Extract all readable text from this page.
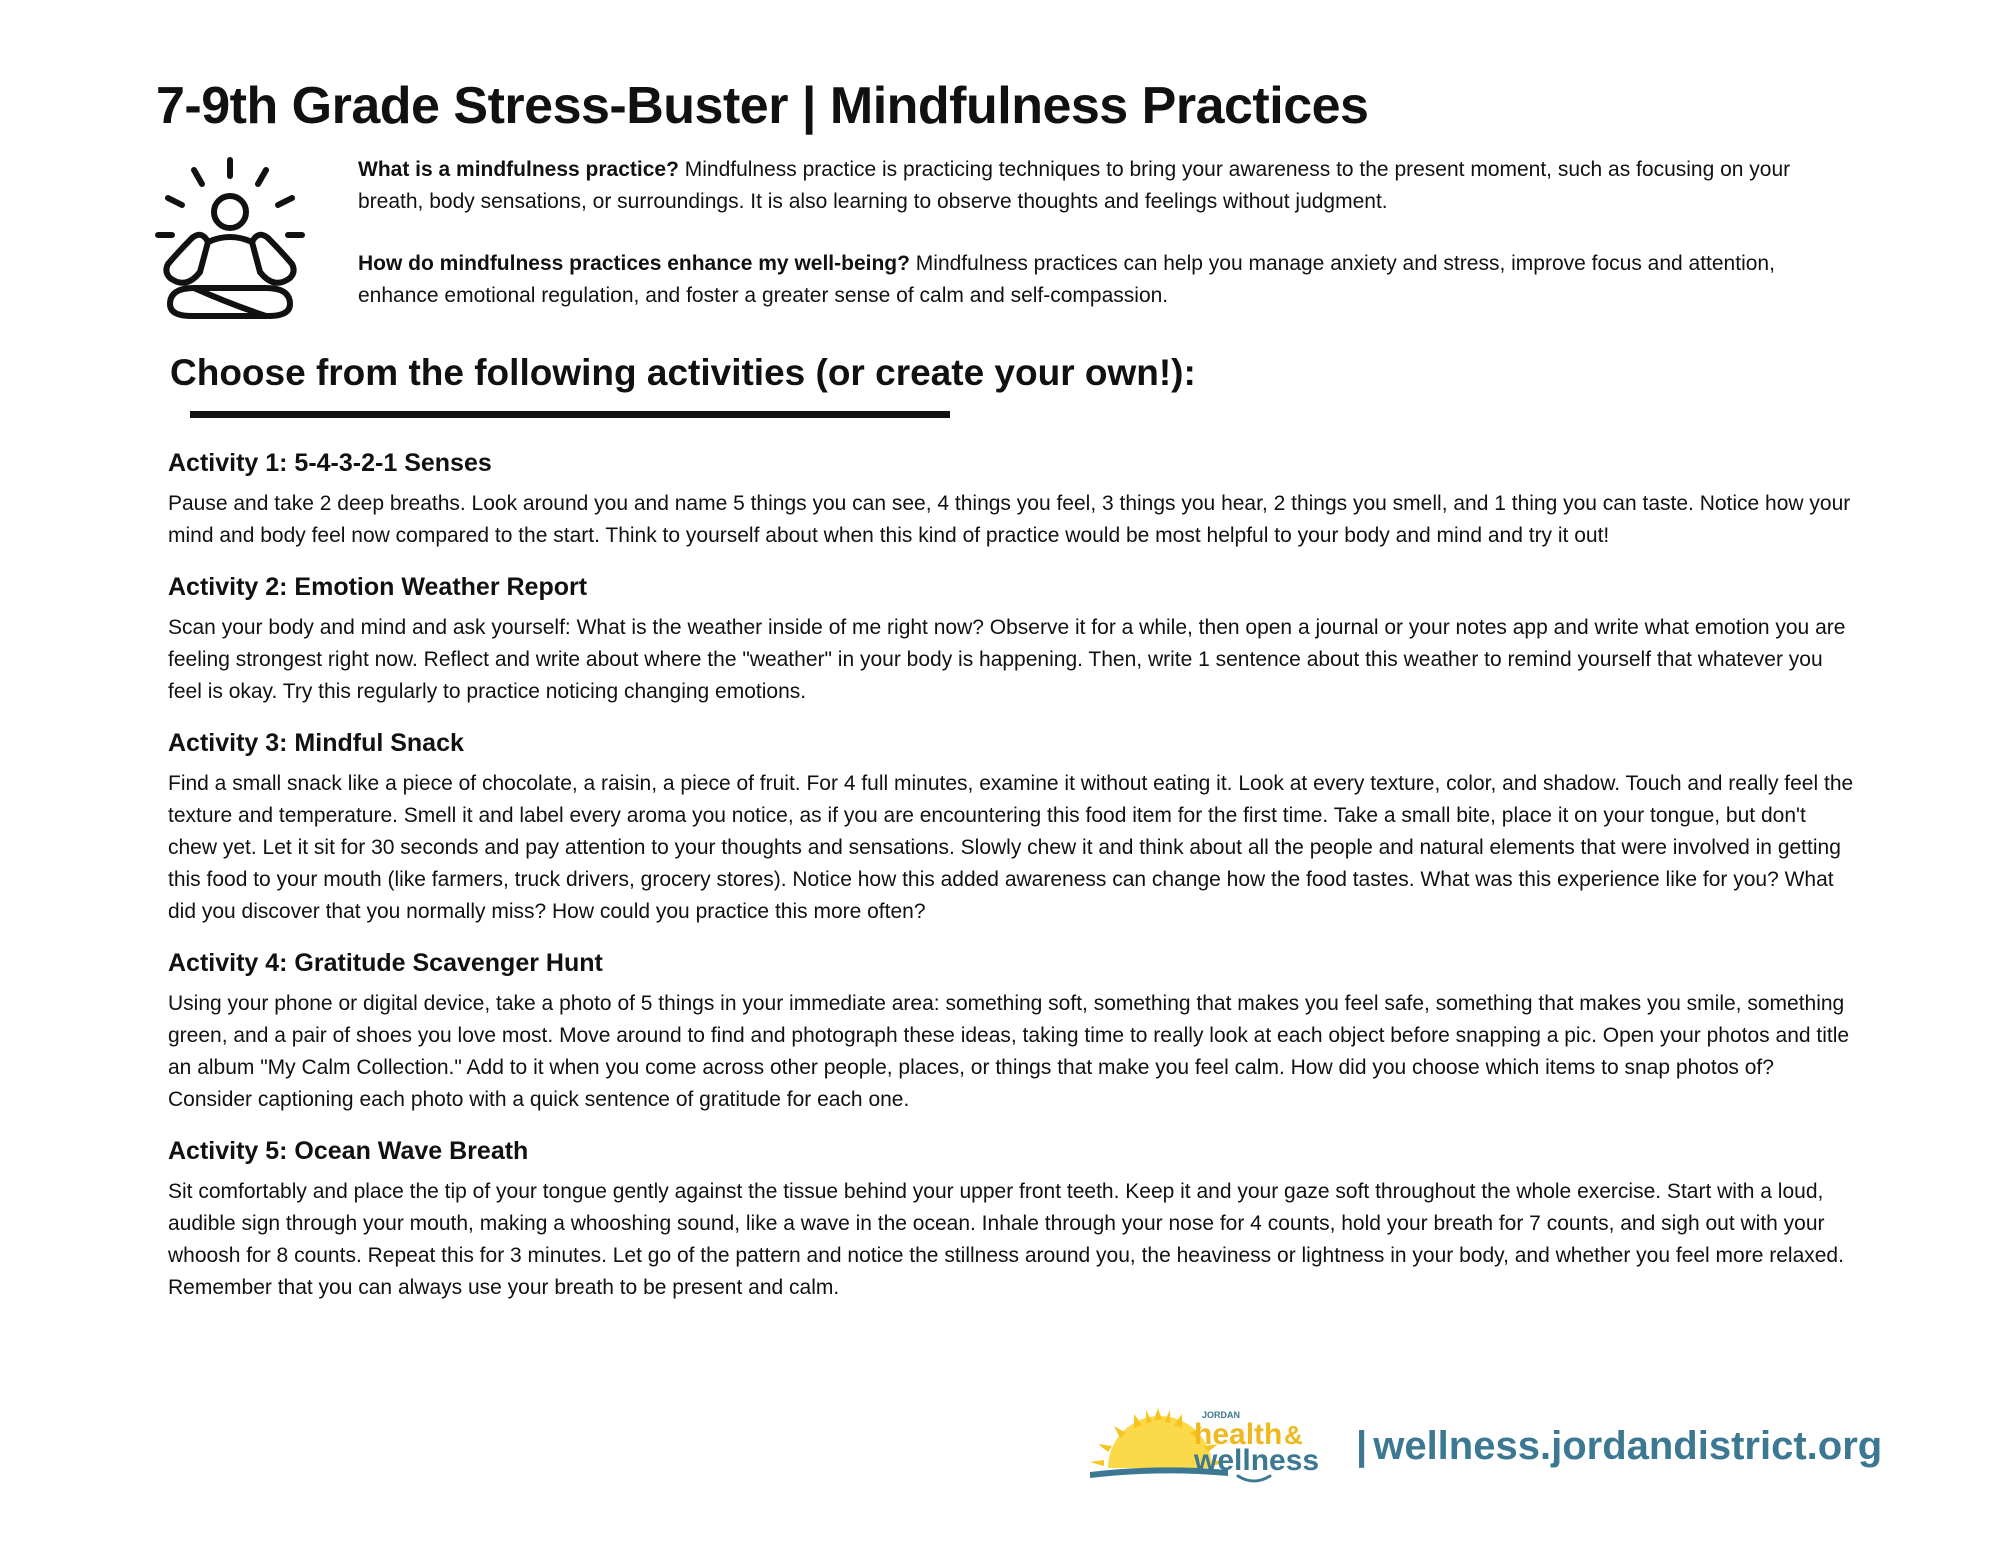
7-9th Grade Stress-Buster | Mindfulness Practices

What is a mindfulness practice? Mindfulness practice is practicing techniques to bring your awareness to the present moment, such as focusing on your breath, body sensations, or surroundings. It is also learning to observe thoughts and feelings without judgment.

How do mindfulness practices enhance my well-being? Mindfulness practices can help you manage anxiety and stress, improve focus and attention, enhance emotional regulation, and foster a greater sense of calm and self-compassion.

Choose from the following activities (or create your own!):
Activity 1: 5-4-3-2-1 Senses

Pause and take 2 deep breaths. Look around you and name 5 things you can see, 4 things you feel, 3 things you hear, 2 things you smell, and 1 thing you can taste. Notice how your mind and body feel now compared to the start. Think to yourself about when this kind of practice would be most helpful to your body and mind and try it out!

Activity 2: Emotion Weather Report

Scan your body and mind and ask yourself: What is the weather inside of me right now? Observe it for a while, then open a journal or your notes app and write what emotion you are feeling strongest right now. Reflect and write about where the "weather" in your body is happening. Then, write 1 sentence about this weather to remind yourself that whatever you feel is okay. Try this regularly to practice noticing changing emotions.

Activity 3: Mindful Snack

Find a small snack like a piece of chocolate, a raisin, a piece of fruit. For 4 full minutes, examine it without eating it. Look at every texture, color, and shadow. Touch and really feel the texture and temperature. Smell it and label every aroma you notice, as if you are encountering this food item for the first time. Take a small bite, place it on your tongue, but don't chew yet. Let it sit for 30 seconds and pay attention to your thoughts and sensations. Slowly chew it and think about all the people and natural elements that were involved in getting this food to your mouth (like farmers, truck drivers, grocery stores). Notice how this added awareness can change how the food tastes. What was this experience like for you? What did you discover that you normally miss? How could you practice this more often?

Activity 4: Gratitude Scavenger Hunt

Using your phone or digital device, take a photo of 5 things in your immediate area: something soft, something that makes you feel safe, something that makes you smile, something green, and a pair of shoes you love most. Move around to find and photograph these ideas, taking time to really look at each object before snapping a pic. Open your photos and title an album "My Calm Collection." Add to it when you come across other people, places, or things that make you feel calm. How did you choose which items to snap photos of? Consider captioning each photo with a quick sentence of gratitude for each one.

Activity 5: Ocean Wave Breath

Sit comfortably and place the tip of your tongue gently against the tissue behind your upper front teeth. Keep it and your gaze soft throughout the whole exercise. Start with a loud, audible sign through your mouth, making a whooshing sound, like a wave in the ocean. Inhale through your nose for 4 counts, hold your breath for 7 counts, and sigh out with your whoosh for 8 counts. Repeat this for 3 minutes. Let go of the pattern and notice the stillness around you, the heaviness or lightness in your body, and whether you feel more relaxed. Remember that you can always use your breath to be present and calm.

JORDAN
health &
wellness | wellness.jordandistrict.org
